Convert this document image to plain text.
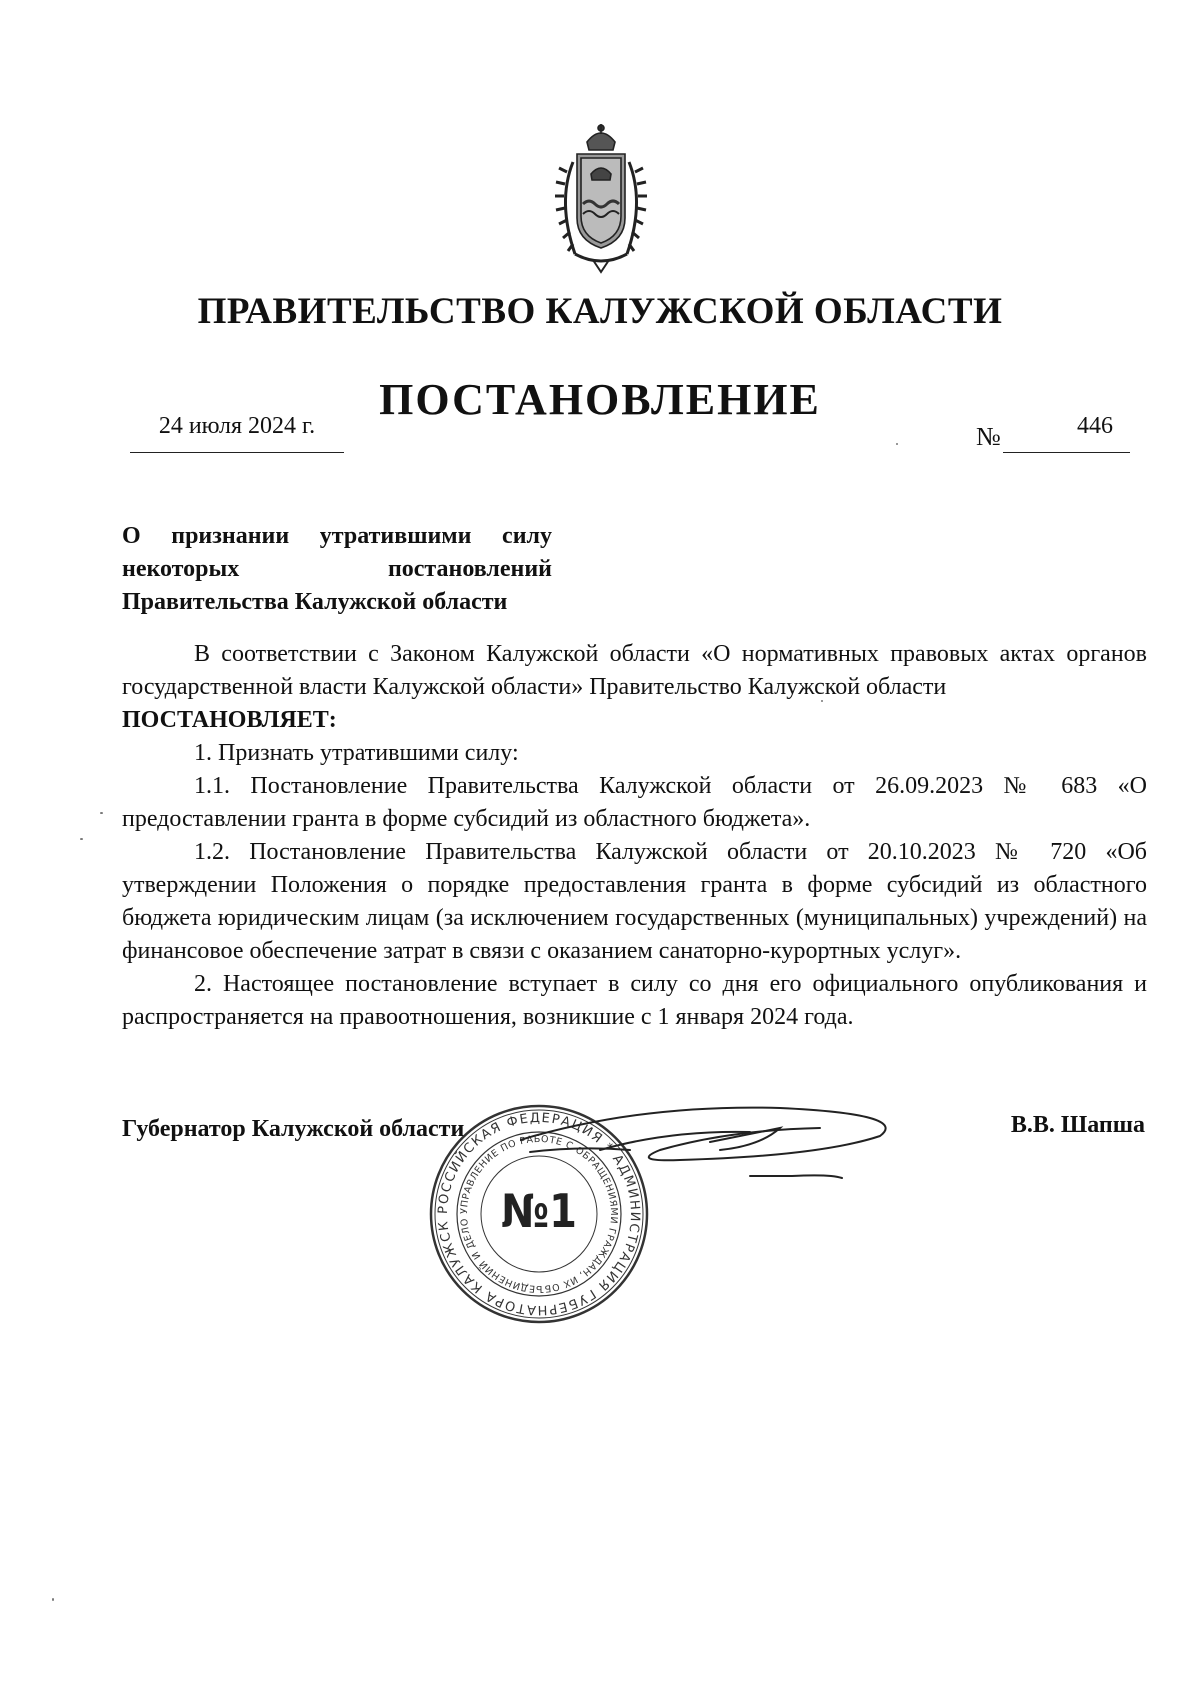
ПРАВИТЕЛЬСТВО КАЛУЖСКОЙ ОБЛАСТИ
ПОСТАНОВЛЕНИЕ
24 июля 2024 г.	№	446
О признании утратившими силу
некоторых постановлений
Правительства Калужской области

В соответствии с Законом Калужской области «О нормативных правовых актах органов государственной власти Калужской области» Правительство Калужской области

ПОСТАНОВЛЯЕТ:

1. Признать утратившими силу:

1.1. Постановление Правительства Калужской области от 26.09.2023 № 683 «О предоставлении гранта в форме субсидий из областного бюджета».

1.2. Постановление Правительства Калужской области от 20.10.2023 № 720 «Об утверждении Положения о порядке предоставления гранта в форме субсидий из областного бюджета юридическим лицам (за исключением государственных (муниципальных) учреждений) на финансовое обеспечение затрат в связи с оказанием санаторно-курортных услуг».

2. Настоящее постановление вступает в силу со дня его официального опубликования и распространяется на правоотношения, возникшие с 1 января 2024 года.

Губернатор Калужской области	В.В. Шапша
РОССИЙСКАЯ ФЕДЕРАЦИЯ * АДМИНИСТРАЦИЯ ГУБЕРНАТОРА КАЛУЖСК
УПРАВЛЕНИЕ ПО РАБОТЕ С ОБРАЩЕНИЯМИ ГРАЖДАН, ИХ ОБЪЕДИНЕНИЙ И ДЕЛО №1
